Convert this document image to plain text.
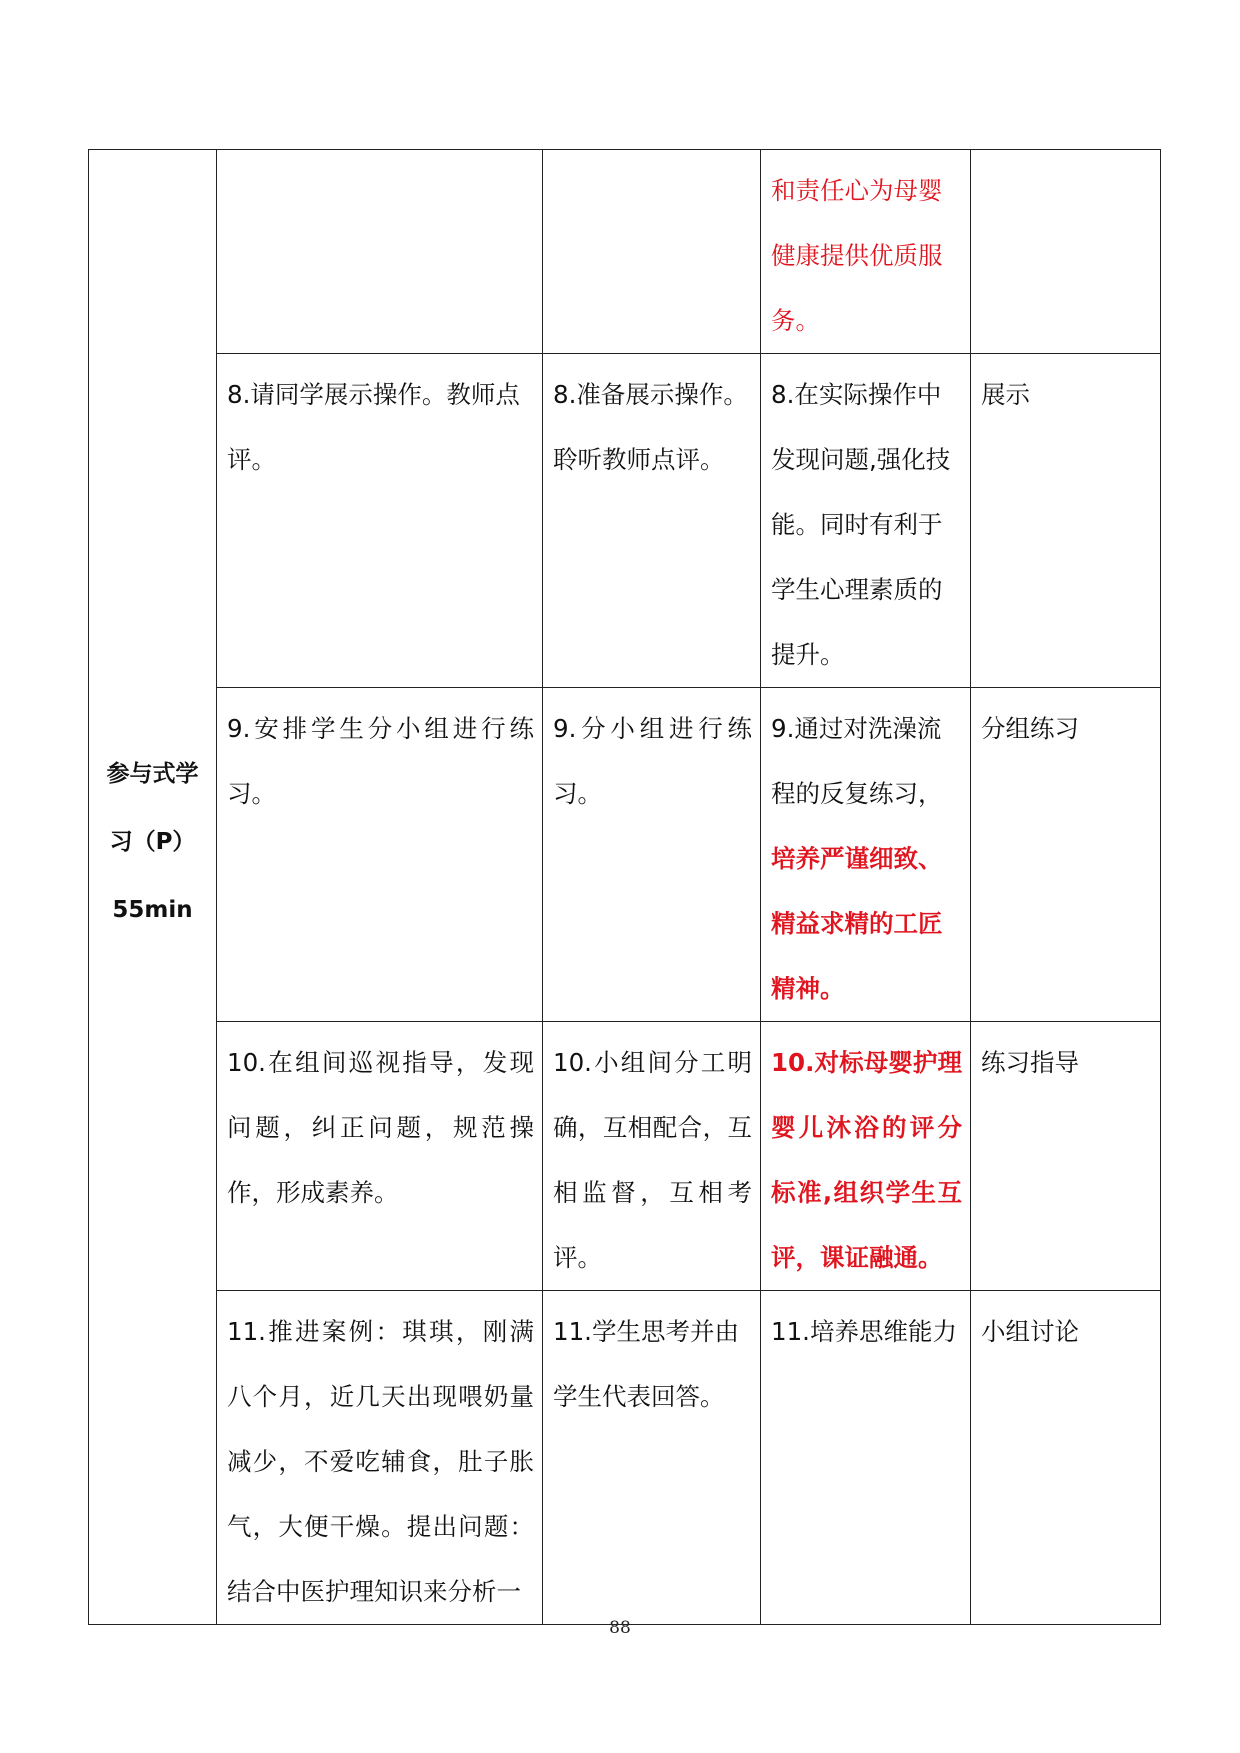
参与式学
习（P）
55min			和责任心为母婴健康提供优质服务。	

	8.请同学展示操作。教师点评。	8.准备展示操作。聆听教师点评。	8.在实际操作中发现问题,强化技能。同时有利于学生心理素质的提升。	展示

	9.安排学生分小组进行练习。	9.分小组进行练习。	9.通过对洗澡流程的反复练习，培养严谨细致、精益求精的工匠精神。	分组练习

	10.在组间巡视指导，发现问题，纠正问题，规范操作，形成素养。	10.小组间分工明确，互相配合，互相监督，互相考评。	10.对标母婴护理婴儿沐浴的评分标准,组织学生互评，课证融通。	练习指导

	11.推进案例：琪琪，刚满八个月，近几天出现喂奶量减少，不爱吃辅食，肚子胀气，大便干燥。提出问题：结合中医护理知识来分析一	11.学生思考并由学生代表回答。	11.培养思维能力	小组讨论
88
